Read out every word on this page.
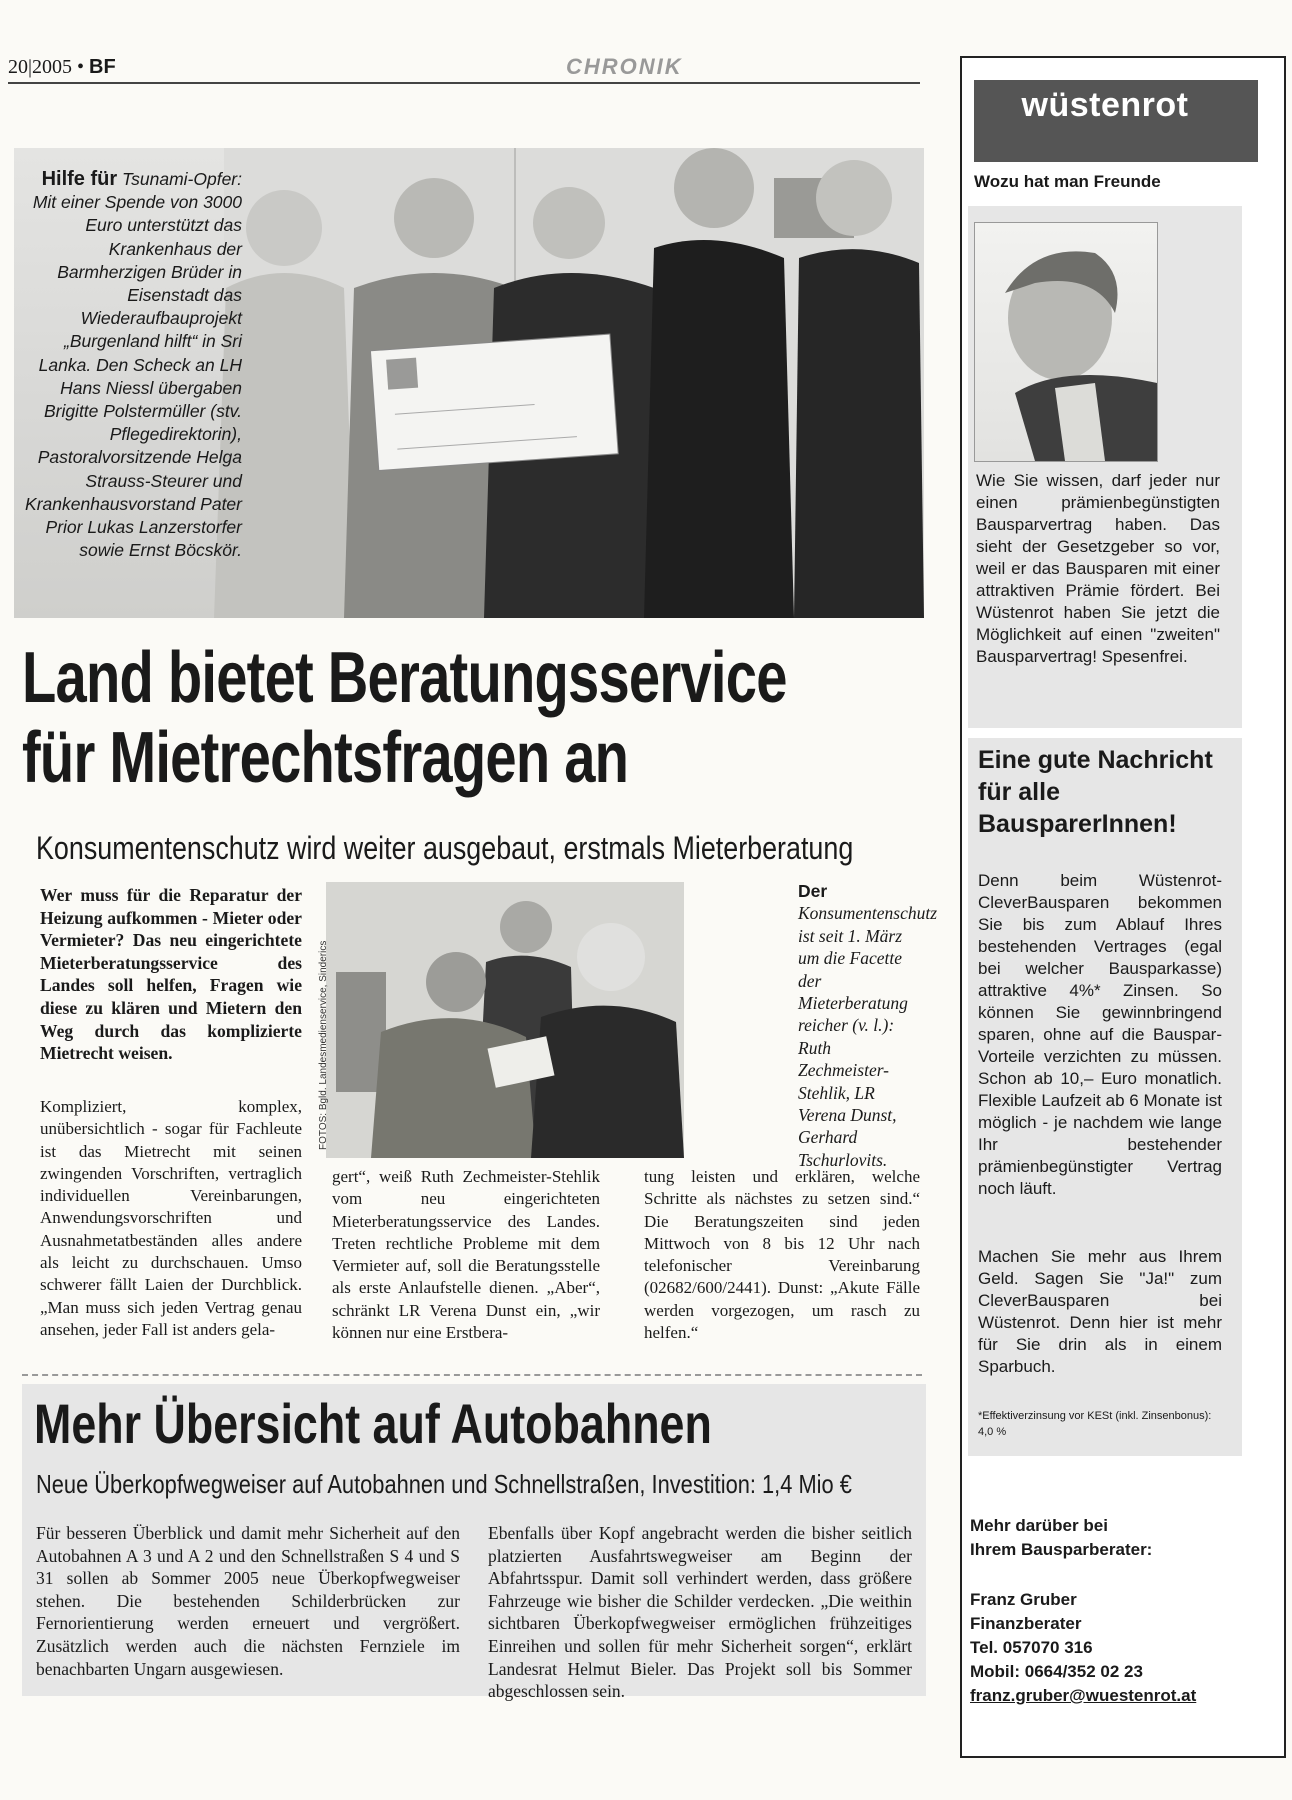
20|2005 • BF	CHRONIK
Hilfe für Tsunami-Opfer: Mit einer Spende von 3000 Euro unterstützt das Krankenhaus der Barmherzigen Brüder in Eisenstadt das Wiederaufbauprojekt „Burgenland hilft“ in Sri Lanka. Den Scheck an LH Hans Niessl übergaben Brigitte Polstermüller (stv. Pflegedirektorin), Pastoralvorsitzende Helga Strauss-Steurer und Krankenhausvorstand Pater Prior Lukas Lanzerstorfer sowie Ernst Böcskör.
Land bietet Beratungsservice
für Mietrechtsfragen an
Konsumentenschutz wird weiter ausgebaut, erstmals Mieterberatung
Wer muss für die Reparatur der Heizung aufkommen - Mieter oder Vermieter? Das neu eingerichtete Mieterberatungsservice des Landes soll helfen, Fragen wie diese zu klären und Mietern den Weg durch das komplizierte Mietrecht weisen.
Kompliziert, komplex, unübersichtlich - sogar für Fachleute ist das Mietrecht mit seinen zwingenden Vorschriften, vertraglich individuellen Vereinbarungen, Anwendungsvorschriften und Ausnahmetatbeständen alles andere als leicht zu durchschauen. Umso schwerer fällt Laien der Durchblick. „Man muss sich jeden Vertrag genau ansehen, jeder Fall ist anders gela-
gert“, weiß Ruth Zechmeister-Stehlik vom neu eingerichteten Mieterberatungsservice des Landes. Treten rechtliche Probleme mit dem Vermieter auf, soll die Beratungsstelle als erste Anlaufstelle dienen. „Aber“, schränkt LR Verena Dunst ein, „wir können nur eine Erstbera-
tung leisten und erklären, welche Schritte als nächstes zu setzen sind.“ Die Beratungszeiten sind jeden Mittwoch von 8 bis 12 Uhr nach telefonischer Vereinbarung (02682/600/2441). Dunst: „Akute Fälle werden vorgezogen, um rasch zu helfen.“
FOTOS: Bgld. Landesmedienservice, Sinderics
Der Konsumentenschutz ist seit 1. März um die Facette der Mieterberatung reicher (v. l.): Ruth Zechmeister-Stehlik, LR Verena Dunst, Gerhard Tschurlovits.
Mehr Übersicht auf Autobahnen
Neue Überkopfwegweiser auf Autobahnen und Schnellstraßen, Investition: 1,4 Mio €
Für besseren Überblick und damit mehr Sicherheit auf den Autobahnen A 3 und A 2 und den Schnellstraßen S 4 und S 31 sollen ab Sommer 2005 neue Überkopfwegweiser stehen. Die bestehenden Schilderbrücken zur Fernorientierung werden erneuert und vergrößert. Zusätzlich werden auch die nächsten Fernziele im benachbarten Ungarn ausgewiesen.
Ebenfalls über Kopf angebracht werden die bisher seitlich platzierten Ausfahrtswegweiser am Beginn der Abfahrtsspur. Damit soll verhindert werden, dass größere Fahrzeuge wie bisher die Schilder verdecken. „Die weithin sichtbaren Überkopfwegweiser ermöglichen frühzeitiges Einreihen und sollen für mehr Sicherheit sorgen“, erklärt Landesrat Helmut Bieler. Das Projekt soll bis Sommer abgeschlossen sein.
wüstenrot
Wozu hat man Freunde
Wie Sie wissen, darf jeder nur einen prämienbegünstigten Bausparvertrag haben. Das sieht der Gesetzgeber so vor, weil er das Bausparen mit einer attraktiven Prämie fördert. Bei Wüstenrot haben Sie jetzt die Möglichkeit auf einen "zweiten" Bausparvertrag! Spesenfrei.
Eine gute Nachricht für alle BausparerInnen!
Denn beim Wüstenrot-CleverBausparen bekommen Sie bis zum Ablauf Ihres bestehenden Vertrages (egal bei welcher Bausparkasse) attraktive 4%* Zinsen. So können Sie gewinnbringend sparen, ohne auf die Bauspar-Vorteile verzichten zu müssen. Schon ab 10,– Euro monatlich. Flexible Laufzeit ab 6 Monate ist möglich - je nachdem wie lange Ihr bestehender prämienbegünstigter Vertrag noch läuft.
Machen Sie mehr aus Ihrem Geld. Sagen Sie "Ja!" zum CleverBausparen bei Wüstenrot. Denn hier ist mehr für Sie drin als in einem Sparbuch.
*Effektiverzinsung vor KESt (inkl. Zinsenbonus): 4,0 %
Mehr darüber bei
Ihrem Bausparberater:
Franz Gruber
Finanzberater
Tel. 057070 316
Mobil: 0664/352 02 23
franz.gruber@wuestenrot.at
